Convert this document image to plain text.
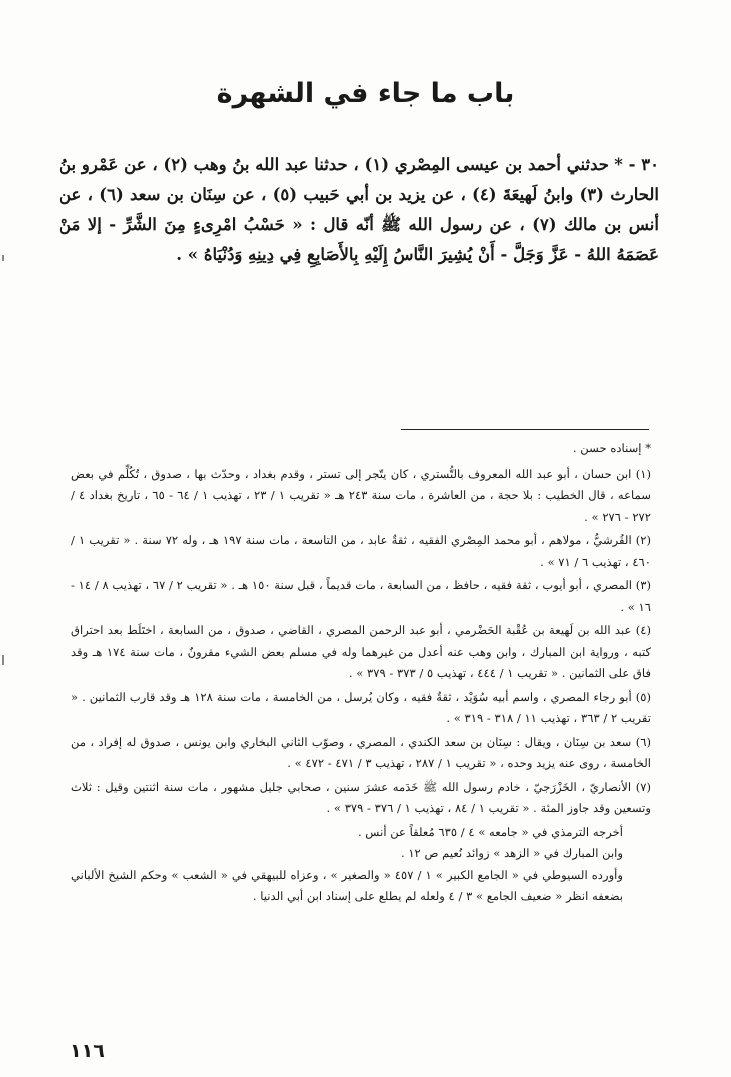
باب ما جاء في الشهرة
٣٠ - * حدثني أحمد بن عيسى المِصْري (١) ، حدثنا عبد الله بنُ وهب (٢) ، عن عَمْرو بنُ الحارث (٣) وابنُ لَهيعَةَ (٤) ، عن يزيد بن أبي حَبيب (٥) ، عن سِنَان بن سعد (٦) ، عن أنس بن مالك (٧) ، عن رسول الله ﷺ أنّه قال : « حَسْبُ امْرِىءٍ مِنَ الشَّرِّ - إلا مَنْ عَصَمَهُ اللهُ - عَزَّ وَجَلَّ - أَنْ يُشِيرَ النَّاسُ إِلَيْهِ بِالأَصَابِعِ فِي دِينِهِ وَدُنْيَاهُ » .
* إسناده حسن .
(١) ابن حسان ، أبو عبد الله المعروف بالتُّستري ، كان يتّجر إلى تستر ، وقدم بغداد ، وحدّث بها ، صدوق ، تُكُلِّم في بعض سماعه ، قال الخطيب : بلا حجة ، من العاشرة ، مات سنة ٢٤٣ هـ « تقريب ١ / ٢٣ ، تهذيب ١ / ٦٤ - ٦٥ ، تاريخ بغداد ٤ / ٢٧٢ - ٢٧٦ » .
(٢) القُرشيُّ ، مولاهم ، أبو محمد المِصْري الفقيه ، ثقةٌ عابد ، من التاسعة ، مات سنة ١٩٧ هـ ، وله ٧٢ سنة . « تقريب ١ / ٤٦٠ ، تهذيب ٦ / ٧١ » .
(٣) المصري ، أبو أيوب ، ثقة فقيه ، حافظ ، من السابعة ، مات قديماً ، قبل سنة ١٥٠ هـ . « تقريب ٢ / ٦٧ ، تهذيب ٨ / ١٤ - ١٦ » .
(٤) عبد الله بن لَهيعة بن عُقْبة الحَضْرمي ، أبو عبد الرحمن المصري ، القاضي ، صدوق ، من السابعة ، اختَلَط بعد احتراق كتبه ، ورواية ابن المبارك ، وابن وهب عنه أعدل من غيرهما وله في مسلم بعض الشيء مقرونٌ ، مات سنة ١٧٤ هـ وقد فاق على الثمانين . « تقريب ١ / ٤٤٤ ، تهذيب ٥ / ٣٧٣ - ٣٧٩ » .
(٥) أبو رجاء المصري ، واسم أبيه سُوَيْد ، ثقةٌ فقيه ، وكان يُرسل ، من الخامسة ، مات سنة ١٢٨ هـ وقد قارب الثمانين . « تقريب ٢ / ٣٦٣ ، تهذيب ١١ / ٣١٨ - ٣١٩ » .
(٦) سعد بن سِنَان ، ويقال : سِنَان بن سعد الكندي ، المصري ، وصوّب الثاني البخاري وابن يونس ، صدوق له إفراد ، من الخامسة ، روى عنه يزيد وحده ، « تقريب ١ / ٢٨٧ ، تهذيب ٣ / ٤٧١ - ٤٧٢ » .
(٧) الأنصاريّ ، الخَزْرَجيّ ، خادم رسول الله ﷺ خَدَمه عشرَ سنين ، صحابي جليل مشهور ، مات سنة اثنتين وقيل : ثلاث وتسعين وقد جاوز المئة . « تقريب ١ / ٨٤ ، تهذيب ١ / ٣٧٦ - ٣٧٩ » .
أخرجه الترمذي في « جامعه » ٤ / ٦٣٥ مُعلقاً عن أنس .
وابن المبارك في « الزهد » زوائد نُعيم ص ١٢ .
وأورده السيوطي في « الجامع الكبير » ١ / ٤٥٧ « والصغير » ، وعزاه للبيهقي في « الشعب » وحكم الشيخ الألباني بضعفه انظر « ضعيف الجامع » ٣ / ٤ ولعله لم يطلع على إسناد ابن أبي الدنيا .
١١٦
